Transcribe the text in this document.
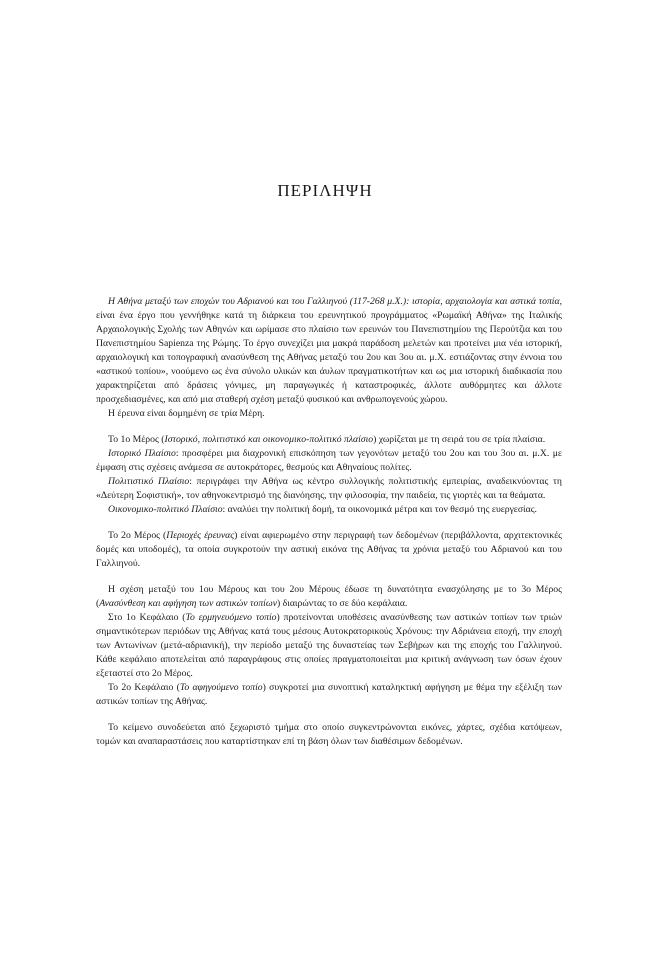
ΠΕΡΙΛΗΨΗ

Η Αθήνα μεταξύ των εποχών του Αδριανού και του Γαλλιηνού (117-268 μ.Χ.): ιστορία, αρχαιολογία και αστικά τοπία, είναι ένα έργο που γεννήθηκε κατά τη διάρκεια του ερευνητικού προγράμματος «Ρωμαϊκή Αθήνα» της Ιταλικής Αρχαιολογικής Σχολής των Αθηνών και ωρίμασε στο πλαίσιο των ερευνών του Πανεπιστημίου της Περούτζια και του Πανεπιστημίου Sapienza της Ρώμης. Το έργο συνεχίζει μια μακρά παράδοση μελετών και προτείνει μια νέα ιστορική, αρχαιολογική και τοπογραφική ανασύνθεση της Αθήνας μεταξύ του 2ου και 3ου αι. μ.Χ. εστιάζοντας στην έννοια του «αστικού τοπίου», νοούμενο ως ένα σύνολο υλικών και άυλων πραγματικοτήτων και ως μια ιστορική διαδικασία που χαρακτηρίζεται από δράσεις γόνιμες, μη παραγωγικές ή καταστροφικές, άλλοτε αυθόρμητες και άλλοτε προσχεδιασμένες, και από μια σταθερή σχέση μεταξύ φυσικού και ανθρωπογενούς χώρου.

Η έρευνα είναι δομημένη σε τρία Μέρη.

Το 1ο Μέρος (Ιστορικό, πολιτιστικό και οικονομικο-πολιτικό πλαίσιο) χωρίζεται με τη σειρά του σε τρία πλαίσια.

Ιστορικό Πλαίσιο: προσφέρει μια διαχρονική επισκόπηση των γεγονότων μεταξύ του 2ου και του 3ου αι. μ.Χ. με έμφαση στις σχέσεις ανάμεσα σε αυτοκράτορες, θεσμούς και Αθηναίους πολίτες.

Πολιτιστικό Πλαίσιο: περιγράφει την Αθήνα ως κέντρο συλλογικής πολιτιστικής εμπειρίας, αναδεικνύοντας τη «Δεύτερη Σοφιστική», τον αθηνοκεντρισμό της διανόησης, την φιλοσοφία, την παιδεία, τις γιορτές και τα θεάματα.

Οικονομικο-πολιτικό Πλαίσιο: αναλύει την πολιτική δομή, τα οικονομικά μέτρα και τον θεσμό της ευεργεσίας.

Το 2ο Μέρος (Περιοχές έρευνας) είναι αφιερωμένο στην περιγραφή των δεδομένων (περιβάλλοντα, αρχιτεκτονικές δομές και υποδομές), τα οποία συγκροτούν την αστική εικόνα της Αθήνας τα χρόνια μεταξύ του Αδριανού και του Γαλλιηνού.

Η σχέση μεταξύ του 1ου Μέρους και του 2ου Μέρους έδωσε τη δυνατότητα ενασχόλησης με το 3ο Μέρος (Ανασύνθεση και αφήγηση των αστικών τοπίων) διαιρώντας το σε δύο κεφάλαια.

Στο 1ο Κεφάλαιο (Το ερμηνευόμενο τοπίο) προτείνονται υποθέσεις ανασύνθεσης των αστικών τοπίων των τριών σημαντικότερων περιόδων της Αθήνας κατά τους μέσους Αυτοκρατορικούς Χρόνους: την Αδριάνεια εποχή, την εποχή των Αντωνίνων (μετά-αδριανική), την περίοδο μεταξύ της δυναστείας των Σεβήρων και της εποχής του Γαλλιηνού. Κάθε κεφάλαιο αποτελείται από παραγράφους στις οποίες πραγματοποιείται μια κριτική ανάγνωση των όσων έχουν εξεταστεί στο 2ο Μέρος.

Το 2ο Κεφάλαιο (Το αφηγούμενο τοπίο) συγκροτεί μια συνοπτική καταληκτική αφήγηση με θέμα την εξέλιξη των αστικών τοπίων της Αθήνας.

Το κείμενο συνοδεύεται από ξεχωριστό τμήμα στο οποίο συγκεντρώνονται εικόνες, χάρτες, σχέδια κατόψεων, τομών και αναπαραστάσεις που καταρτίστηκαν επί τη βάση όλων των διαθέσιμων δεδομένων.
